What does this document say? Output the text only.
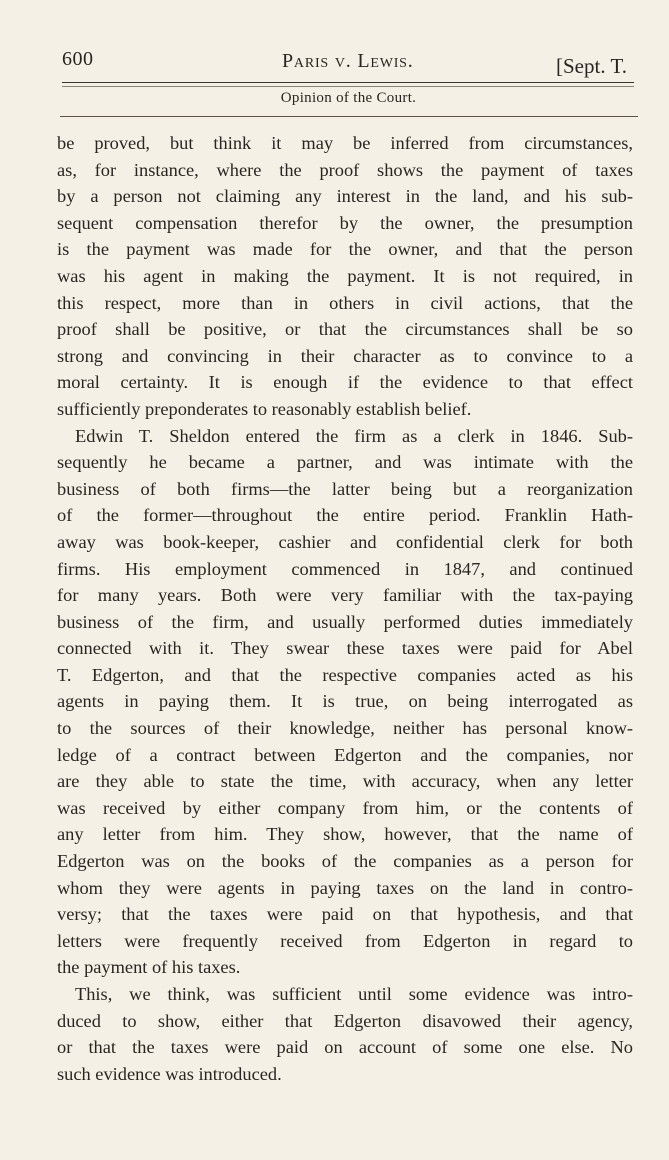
600	Paris v. Lewis.	[Sept. T.
Opinion of the Court.
be proved, but think it may be inferred from circumstances,
as, for instance, where the proof shows the payment of taxes
by a person not claiming any interest in the land, and his sub-
sequent compensation therefor by the owner, the presumption
is the payment was made for the owner, and that the person
was his agent in making the payment. It is not required, in
this respect, more than in others in civil actions, that the
proof shall be positive, or that the circumstances shall be so
strong and convincing in their character as to convince to a
moral certainty. It is enough if the evidence to that effect
sufficiently preponderates to reasonably establish belief.
Edwin T. Sheldon entered the firm as a clerk in 1846. Sub-
sequently he became a partner, and was intimate with the
business of both firms—the latter being but a reorganization
of the former—throughout the entire period. Franklin Hath-
away was book-keeper, cashier and confidential clerk for both
firms. His employment commenced in 1847, and continued
for many years. Both were very familiar with the tax-paying
business of the firm, and usually performed duties immediately
connected with it. They swear these taxes were paid for Abel
T. Edgerton, and that the respective companies acted as his
agents in paying them. It is true, on being interrogated as
to the sources of their knowledge, neither has personal know-
ledge of a contract between Edgerton and the companies, nor
are they able to state the time, with accuracy, when any letter
was received by either company from him, or the contents of
any letter from him. They show, however, that the name of
Edgerton was on the books of the companies as a person for
whom they were agents in paying taxes on the land in contro-
versy; that the taxes were paid on that hypothesis, and that
letters were frequently received from Edgerton in regard to
the payment of his taxes.
This, we think, was sufficient until some evidence was intro-
duced to show, either that Edgerton disavowed their agency,
or that the taxes were paid on account of some one else. No
such evidence was introduced.
